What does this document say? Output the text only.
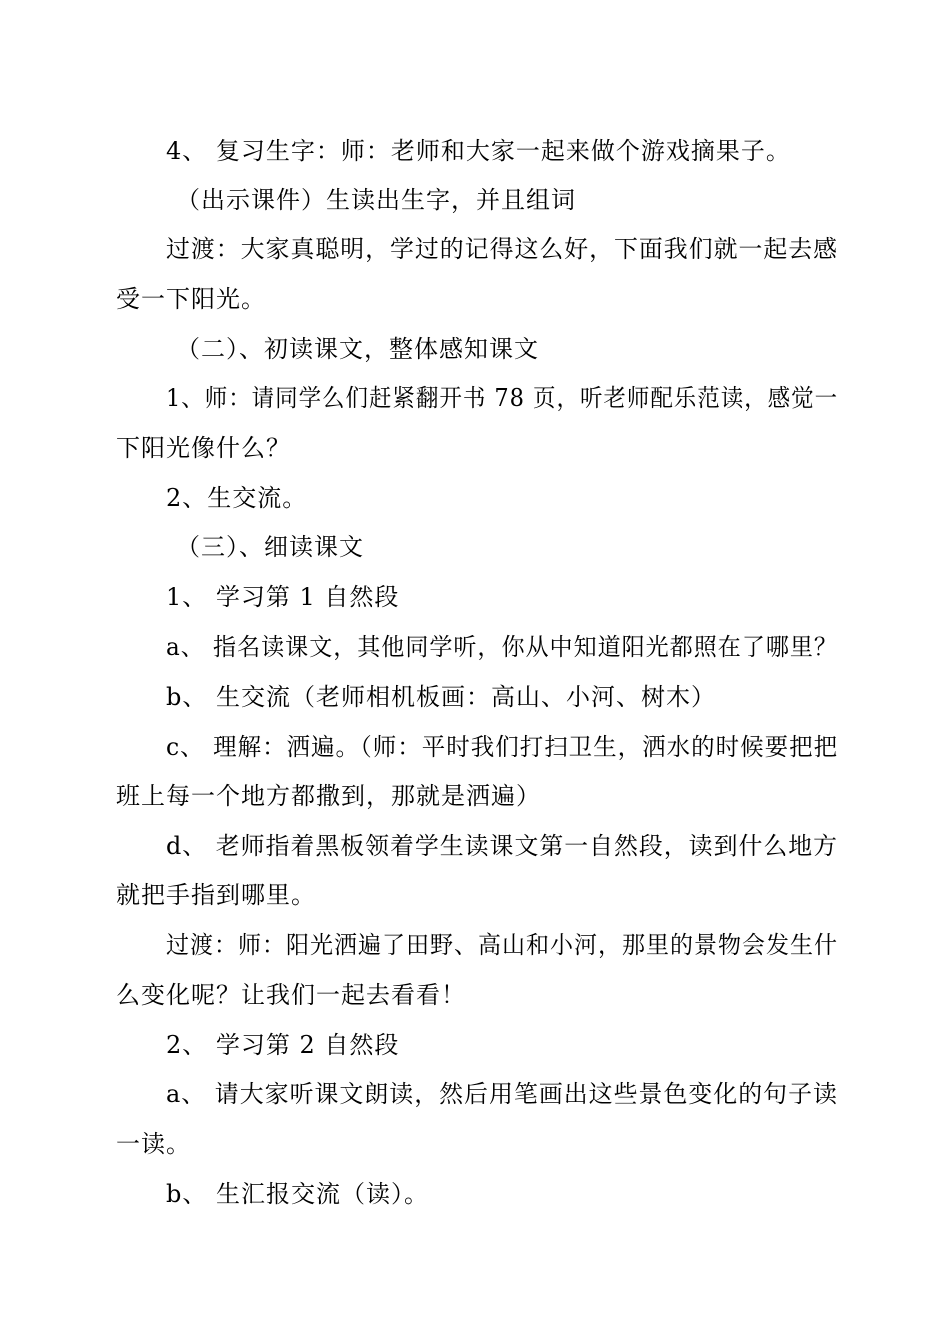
4、 复习生字：师：老师和大家一起来做个游戏摘果子。
（出示课件）生读出生字，并且组词
过渡：大家真聪明，学过的记得这么好，下面我们就一起去感
受一下阳光。
（二）、初读课文，整体感知课文
1、师：请同学么们赶紧翻开书 78 页，听老师配乐范读，感觉一
下阳光像什么？
2、生交流。
（三）、细读课文
1、 学习第 1 自然段
a、 指名读课文，其他同学听，你从中知道阳光都照在了哪里？
b、 生交流（老师相机板画：高山、小河、树木）
c、 理解：洒遍。（师：平时我们打扫卫生，洒水的时候要把把
班上每一个地方都撒到，那就是洒遍）
d、 老师指着黑板领着学生读课文第一自然段，读到什么地方
就把手指到哪里。
过渡：师：阳光洒遍了田野、高山和小河，那里的景物会发生什
么变化呢？让我们一起去看看！
2、 学习第 2 自然段
a、 请大家听课文朗读，然后用笔画出这些景色变化的句子读
一读。
b、 生汇报交流（读）。
